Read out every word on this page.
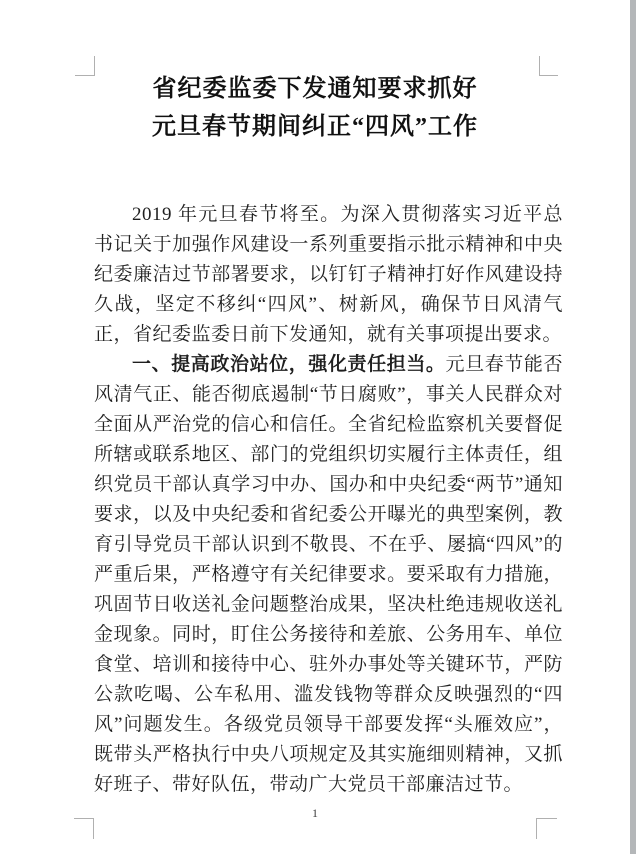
省纪委监委下发通知要求抓好
元旦春节期间纠正“四风”工作

2019 年元旦春节将至。为深入贯彻落实习近平总书记关于加强作风建设一系列重要指示批示精神和中央纪委廉洁过节部署要求，以钉钉子精神打好作风建设持久战，坚定不移纠“四风”、树新风，确保节日风清气正，省纪委监委日前下发通知，就有关事项提出要求。

一、提高政治站位，强化责任担当。元旦春节能否风清气正、能否彻底遏制“节日腐败”，事关人民群众对全面从严治党的信心和信任。全省纪检监察机关要督促所辖或联系地区、部门的党组织切实履行主体责任，组织党员干部认真学习中办、国办和中央纪委“两节”通知要求，以及中央纪委和省纪委公开曝光的典型案例，教育引导党员干部认识到不敬畏、不在乎、屡搞“四风”的严重后果，严格遵守有关纪律要求。要采取有力措施，巩固节日收送礼金问题整治成果，坚决杜绝违规收送礼金现象。同时，盯住公务接待和差旅、公务用车、单位食堂、培训和接待中心、驻外办事处等关键环节，严防公款吃喝、公车私用、滥发钱物等群众反映强烈的“四风”问题发生。各级党员领导干部要发挥“头雁效应”，既带头严格执行中央八项规定及其实施细则精神，又抓好班子、带好队伍，带动广大党员干部廉洁过节。

1
